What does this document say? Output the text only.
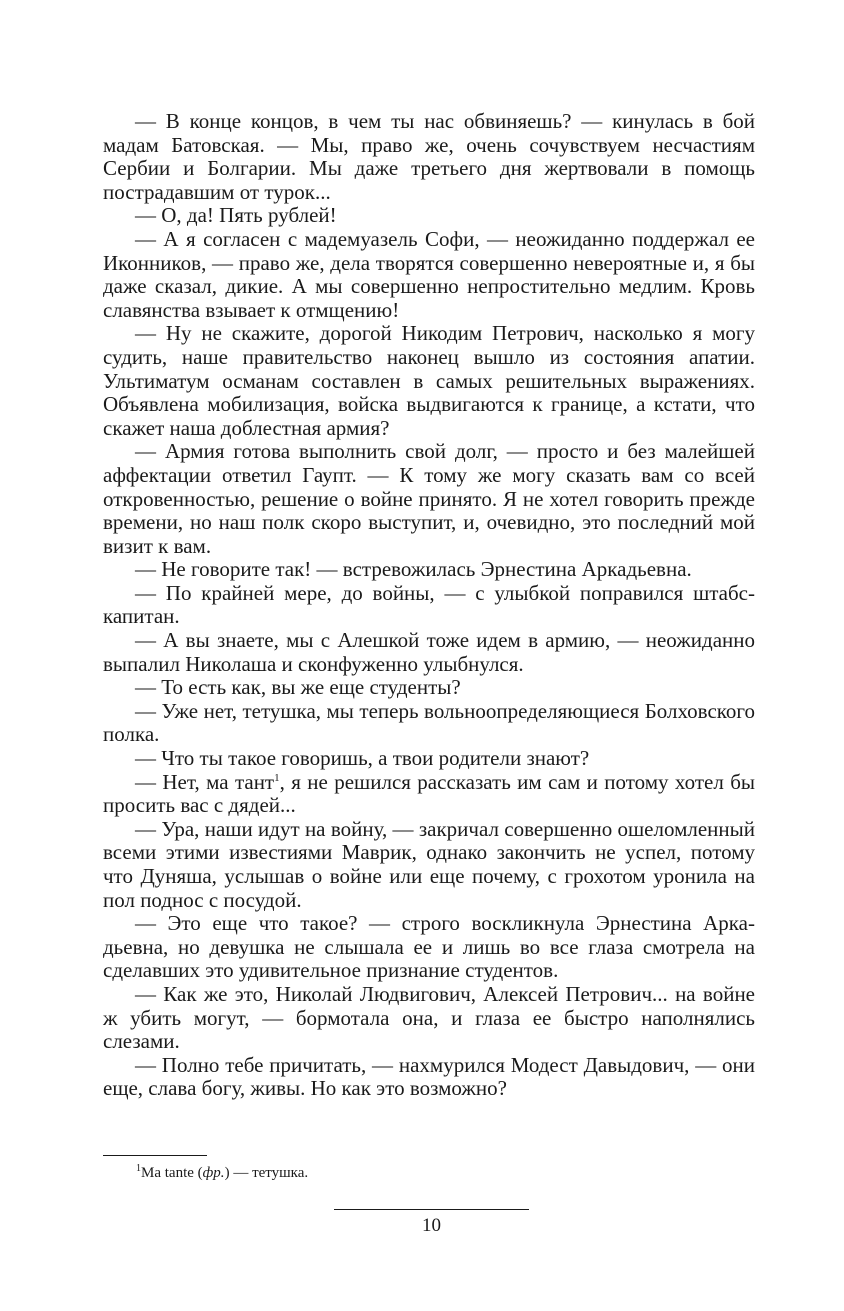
— В конце концов, в чем ты нас обвиняешь? — кинулась в бой мадам Батовская. — Мы, право же, очень сочувствуем несчастиям Сербии и Болгарии. Мы даже третьего дня жертвовали в помощь пострадавшим от турок...

— О, да! Пять рублей!

— А я согласен с мадемуазель Софи, — неожиданно поддержал ее Иконников, — право же, дела творятся совершенно невероятные и, я бы даже сказал, дикие. А мы совершенно непростительно медлим. Кровь славянства взывает к отмщению!

— Ну не скажите, дорогой Никодим Петрович, насколько я могу судить, наше правительство наконец вышло из состояния апатии. Ультиматум османам составлен в самых решительных выражениях. Объявлена мобилизация, войска выдвигаются к границе, а кстати, что скажет наша доблестная армия?

— Армия готова выполнить свой долг, — просто и без малейшей аффектации ответил Гаупт. — К тому же могу сказать вам со всей откровенностью, решение о войне принято. Я не хотел говорить прежде времени, но наш полк скоро выступит, и, очевидно, это последний мой визит к вам.

— Не говорите так! — встревожилась Эрнестина Аркадьевна.

— По крайней мере, до войны, — с улыбкой поправился штабс-капитан.

— А вы знаете, мы с Алешкой тоже идем в армию, — неожиданно выпалил Николаша и сконфуженно улыбнулся.

— То есть как, вы же еще студенты?

— Уже нет, тетушка, мы теперь вольноопределяющиеся Болховского полка.

— Что ты такое говоришь, а твои родители знают?

— Нет, ма тант$^1$, я не решился рассказать им сам и потому хотел бы просить вас с дядей...

— Ура, наши идут на войну, — закричал совершенно ошеломленный всеми этими известиями Маврик, однако закончить не успел, потому что Дуняша, услышав о войне или еще почему, с грохотом уронила на пол поднос с посудой.

— Это еще что такое? — строго воскликнула Эрнестина Аркадьевна, но девушка не слышала ее и лишь во все глаза смотрела на сделавших это удивительное признание студентов.

— Как же это, Николай Людвигович, Алексей Петрович... на войне ж убить могут, — бормотала она, и глаза ее быстро наполнялись слезами.

— Полно тебе причитать, — нахмурился Модест Давыдович, — они еще, слава богу, живы. Но как это возможно?

$^1$Ma tante (фр.) — тетушка.
10
